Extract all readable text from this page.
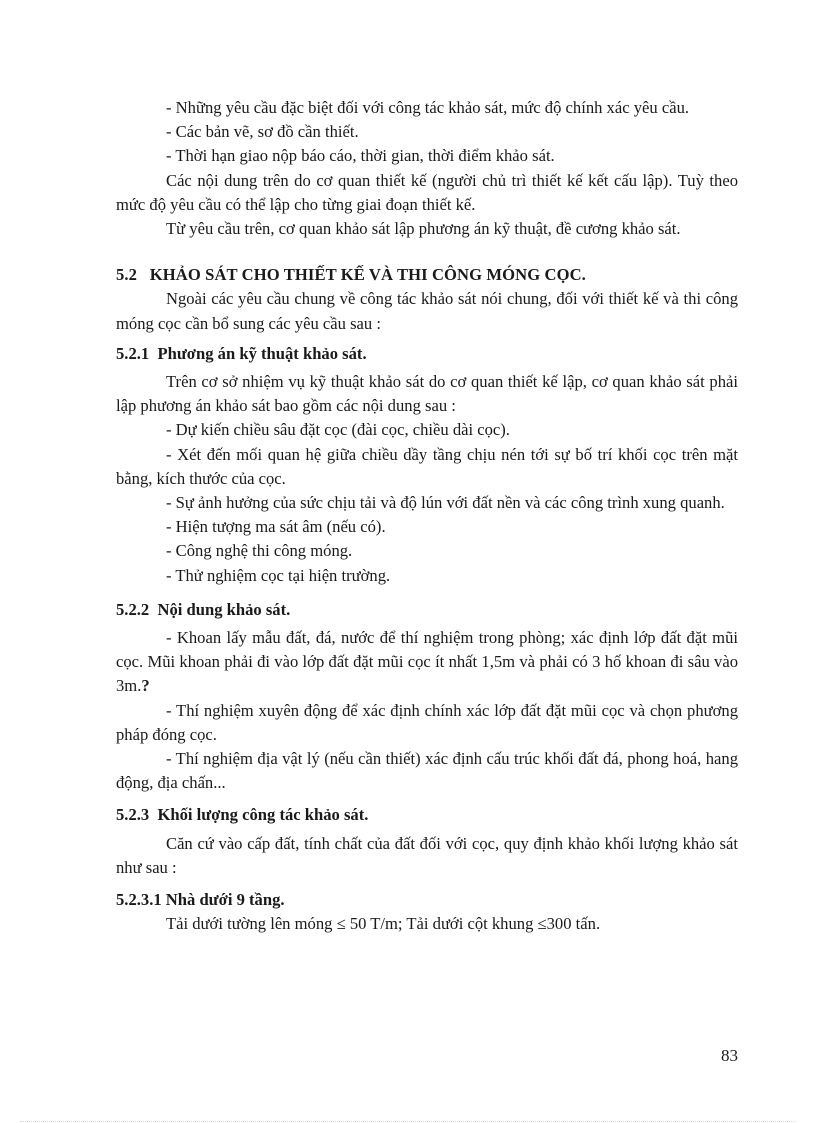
- Những yêu cầu đặc biệt đối với công tác khảo sát, mức độ chính xác yêu cầu.

- Các bản vẽ, sơ đồ cần thiết.

- Thời hạn giao nộp báo cáo, thời gian, thời điểm khảo sát.

Các nội dung trên do cơ quan thiết kế (người chủ trì thiết kế kết cấu lập). Tuỳ theo mức độ yêu cầu có thể lập cho từng giai đoạn thiết kế.

Từ yêu cầu trên, cơ quan khảo sát lập phương án kỹ thuật, đề cương khảo sát.

5.2 KHẢO SÁT CHO THIẾT KẾ VÀ THI CÔNG MÓNG CỌC.

Ngoài các yêu cầu chung về công tác khảo sát nói chung, đối với thiết kế và thi công móng cọc cần bổ sung các yêu cầu sau :

5.2.1 Phương án kỹ thuật khảo sát.

Trên cơ sở nhiệm vụ kỹ thuật khảo sát do cơ quan thiết kế lập, cơ quan khảo sát phải lập phương án khảo sát bao gồm các nội dung sau :

- Dự kiến chiều sâu đặt cọc (đài cọc, chiều dài cọc).

- Xét đến mối quan hệ giữa chiều dầy tầng chịu nén tới sự bố trí khối cọc trên mặt bằng, kích thước của cọc.

- Sự ảnh hưởng của sức chịu tải và độ lún với đất nền và các công trình xung quanh.

- Hiện tượng ma sát âm (nếu có).

- Công nghệ thi công móng.

- Thử nghiệm cọc tại hiện trường.

5.2.2 Nội dung khảo sát.

- Khoan lấy mẫu đất, đá, nước để thí nghiệm trong phòng; xác định lớp đất đặt mũi cọc. Mũi khoan phải đi vào lớp đất đặt mũi cọc ít nhất 1,5m và phải có 3 hố khoan đi sâu vào 3m.?

- Thí nghiệm xuyên động để xác định chính xác lớp đất đặt mũi cọc và chọn phương pháp đóng cọc.

- Thí nghiệm địa vật lý (nếu cần thiết) xác định cấu trúc khối đất đá, phong hoá, hang động, địa chấn...

5.2.3 Khối lượng công tác khảo sát.

Căn cứ vào cấp đất, tính chất của đất đối với cọc, quy định khảo khối lượng khảo sát như sau :

5.2.3.1 Nhà dưới 9 tầng.

Tải dưới tường lên móng ≤ 50 T/m; Tải dưới cột khung ≤300 tấn.

83
